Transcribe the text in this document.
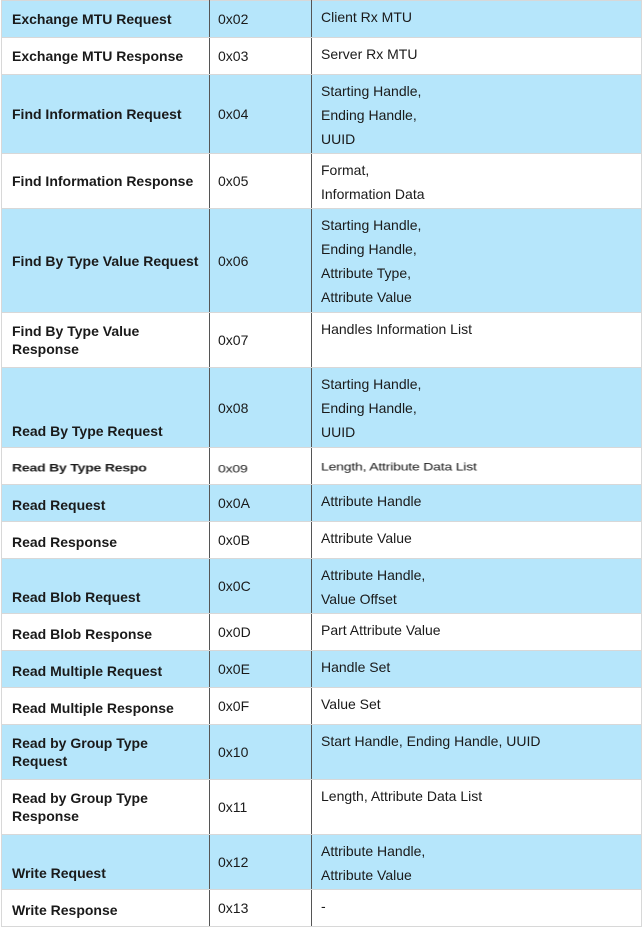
Exchange MTU Request	0x02	Client Rx MTU

Exchange MTU Response	0x03	Server Rx MTU

Find Information Request	0x04	Starting Handle,
Ending Handle,
UUID

Find Information Response	0x05	Format,
Information Data

Find By Type Value Request	0x06	Starting Handle,
Ending Handle,
Attribute Type,
Attribute Value

Find By Type Value Response	0x07	Handles Information List

Read By Type Request	0x08	Starting Handle,
Ending Handle,
UUID

Read By Type Respo	0x09	Length, Attribute Data List
Read Request	0x0A	Attribute Handle

Read Response	0x0B	Attribute Value

Read Blob Request	0x0C	Attribute Handle,
Value Offset

Read Blob Response	0x0D	Part Attribute Value

Read Multiple Request	0x0E	Handle Set

Read Multiple Response	0x0F	Value Set

Read by Group Type Request	0x10	Start Handle, Ending Handle, UUID

Read by Group Type Response	0x11	Length, Attribute Data List

Write Request	0x12	Attribute Handle,
Attribute Value

Write Response	0x13	-
